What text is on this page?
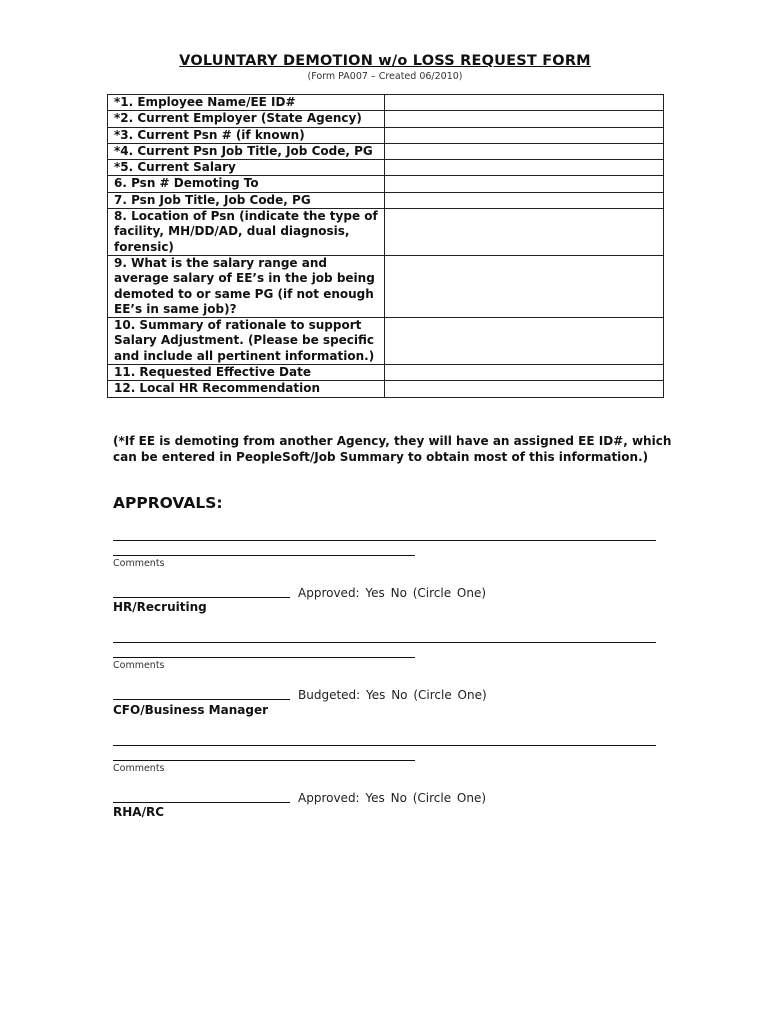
VOLUNTARY DEMOTION w/o LOSS REQUEST FORM
(Form PA007 – Created 06/2010)
*1. Employee Name/EE ID#	
*2. Current Employer (State Agency)	
*3. Current Psn # (if known)	
*4. Current Psn Job Title, Job Code, PG	
*5. Current Salary	
6. Psn # Demoting To	
7. Psn Job Title, Job Code, PG	
8. Location of Psn (indicate the type of facility, MH/DD/AD, dual diagnosis, forensic)	
9. What is the salary range and average salary of EE’s in the job being demoted to or same PG (if not enough EE’s in same job)?	
10. Summary of rationale to support Salary Adjustment. (Please be specific and include all pertinent information.)	
11. Requested Effective Date	
12. Local HR Recommendation	
(*If EE is demoting from another Agency, they will have an assigned EE ID#, which can be entered in PeopleSoft/Job Summary to obtain most of this information.)
APPROVALS:
Comments
Approved: Yes No (Circle One)
HR/Recruiting
Comments
Budgeted: Yes No (Circle One)
CFO/Business Manager
Comments
Approved: Yes No (Circle One)
RHA/RC
